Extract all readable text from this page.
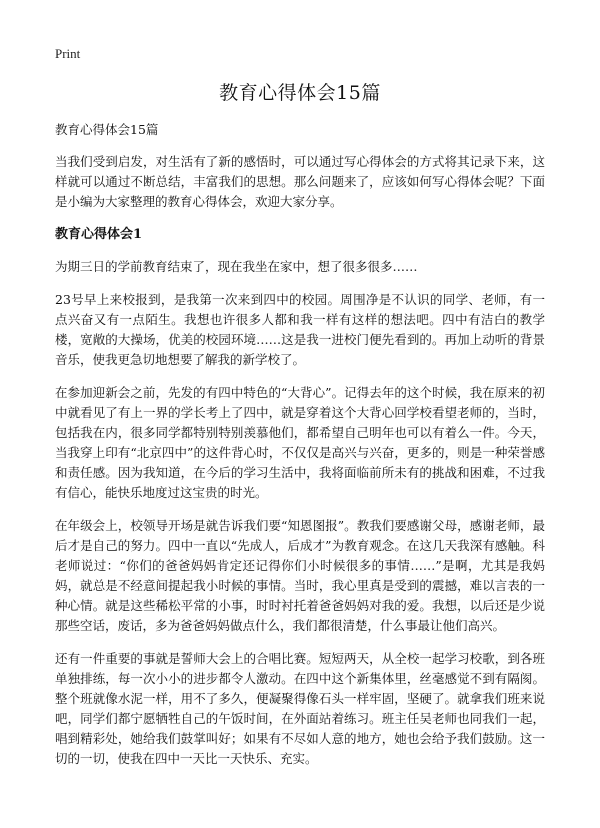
Print
教育心得体会15篇

教育心得体会15篇

当我们受到启发，对生活有了新的感悟时，可以通过写心得体会的方式将其记录下来，这样就可以通过不断总结，丰富我们的思想。那么问题来了，应该如何写心得体会呢？下面是小编为大家整理的教育心得体会，欢迎大家分享。

教育心得体会1

为期三日的学前教育结束了，现在我坐在家中，想了很多很多……

23号早上来校报到，是我第一次来到四中的校园。周围净是不认识的同学、老师，有一点兴奋又有一点陌生。我想也许很多人都和我一样有这样的想法吧。四中有洁白的教学楼，宽敞的大操场，优美的校园环境……这是我一进校门便先看到的。再加上动听的背景音乐，使我更急切地想要了解我的新学校了。

在参加迎新会之前，先发的有四中特色的“大背心”。记得去年的这个时候，我在原来的初中就看见了有上一界的学长考上了四中，就是穿着这个大背心回学校看望老师的，当时，包括我在内，很多同学都特别特别羡慕他们，都希望自己明年也可以有着么一件。今天，当我穿上印有“北京四中”的这件背心时，不仅仅是高兴与兴奋，更多的，则是一种荣誉感和责任感。因为我知道，在今后的学习生活中，我将面临前所未有的挑战和困难，不过我有信心，能快乐地度过这宝贵的时光。

在年级会上，校领导开场是就告诉我们要“知恩图报”。教我们要感谢父母，感谢老师，最后才是自己的努力。四中一直以“先成人，后成才”为教育观念。在这几天我深有感触。科老师说过：“你们的爸爸妈妈肯定还记得你们小时候很多的事情……”是啊，尤其是我妈妈，就总是不经意间提起我小时候的事情。当时，我心里真是受到的震撼，难以言表的一种心情。就是这些稀松平常的小事，时时衬托着爸爸妈妈对我的爱。我想，以后还是少说那些空话，废话，多为爸爸妈妈做点什么，我们都很清楚，什么事最让他们高兴。

还有一件重要的事就是誓师大会上的合唱比赛。短短两天，从全校一起学习校歌，到各班单独排练，每一次小小的进步都令人激动。在四中这个新集体里，丝毫感觉不到有隔阂。整个班就像水泥一样，用不了多久，便凝聚得像石头一样牢固，坚硬了。就拿我们班来说吧，同学们都宁愿牺牲自己的午饭时间，在外面站着练习。班主任吴老师也同我们一起，唱到精彩处，她给我们鼓掌叫好；如果有不尽如人意的地方，她也会给予我们鼓励。这一切的一切，使我在四中一天比一天快乐、充实。
